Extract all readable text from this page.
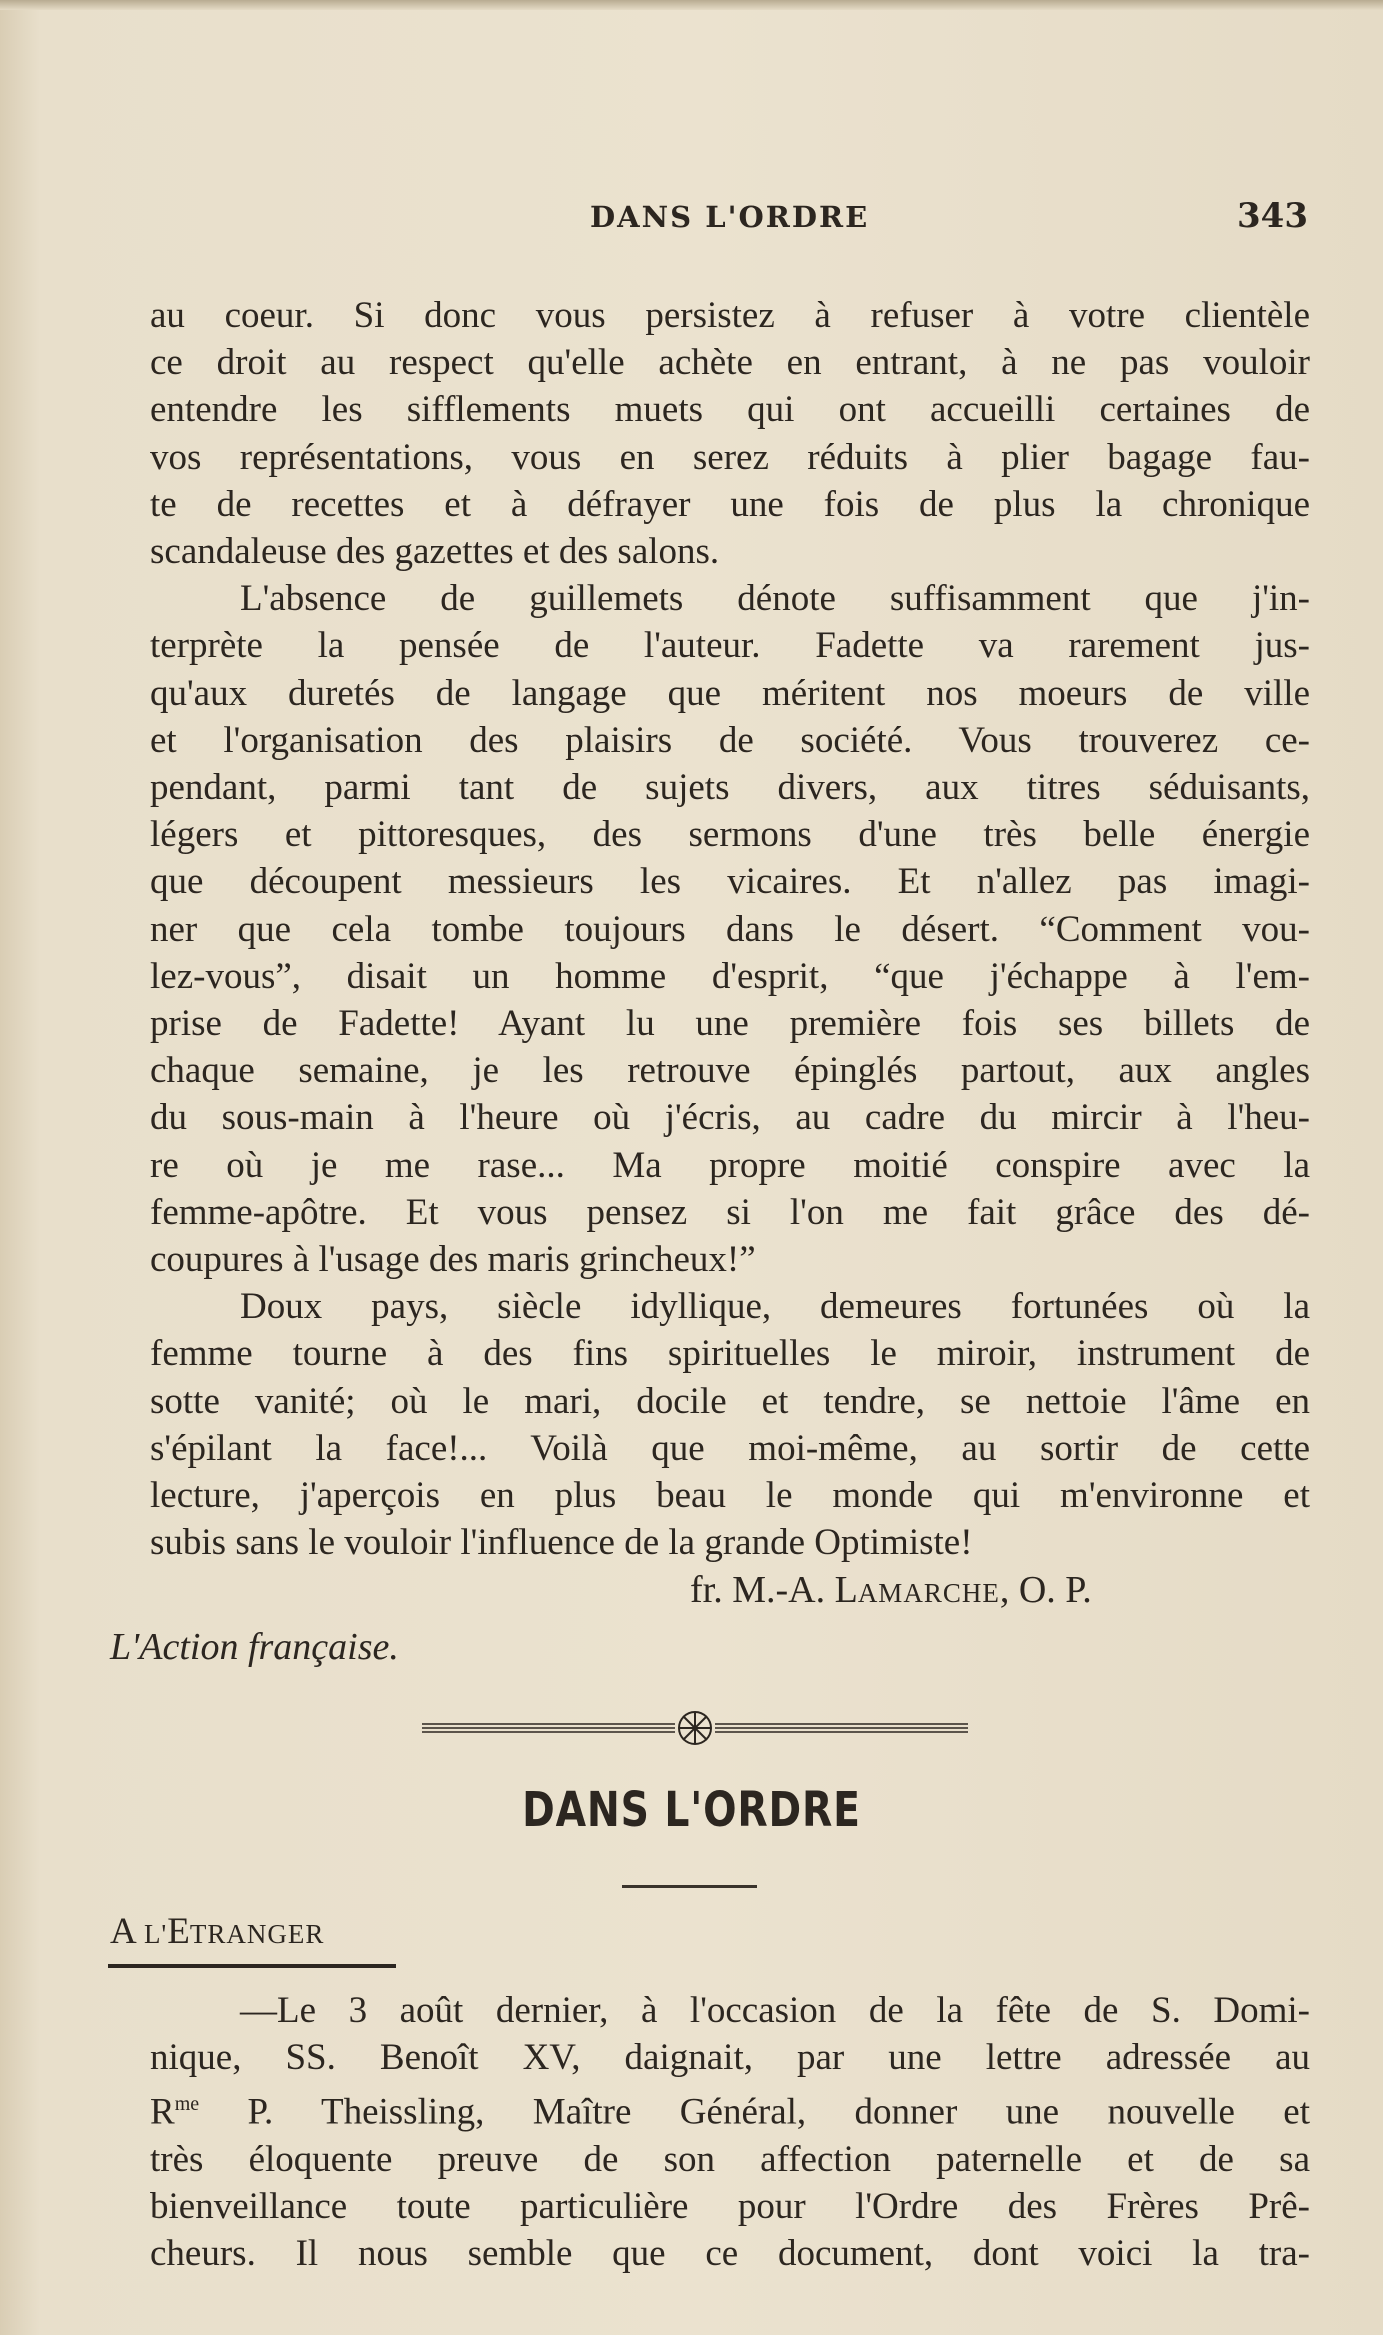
DANS L'ORDRE	343
au coeur. Si donc vous persistez à refuser à votre clientèle
ce droit au respect qu'elle achète en entrant, à ne pas vouloir
entendre les sifflements muets qui ont accueilli certaines de
vos représentations, vous en serez réduits à plier bagage fau-
te de recettes et à défrayer une fois de plus la chronique
scandaleuse des gazettes et des salons.
L'absence de guillemets dénote suffisamment que j'in-
terprète la pensée de l'auteur. Fadette va rarement jus-
qu'aux duretés de langage que méritent nos moeurs de ville
et l'organisation des plaisirs de société. Vous trouverez ce-
pendant, parmi tant de sujets divers, aux titres séduisants,
légers et pittoresques, des sermons d'une très belle énergie
que découpent messieurs les vicaires. Et n'allez pas imagi-
ner que cela tombe toujours dans le désert. “Comment vou-
lez-vous”, disait un homme d'esprit, “que j'échappe à l'em-
prise de Fadette! Ayant lu une première fois ses billets de
chaque semaine, je les retrouve épinglés partout, aux angles
du sous-main à l'heure où j'écris, au cadre du mircir à l'heu-
re où je me rase... Ma propre moitié conspire avec la
femme-apôtre. Et vous pensez si l'on me fait grâce des dé-
coupures à l'usage des maris grincheux!”
Doux pays, siècle idyllique, demeures fortunées où la
femme tourne à des fins spirituelles le miroir, instrument de
sotte vanité; où le mari, docile et tendre, se nettoie l'âme en
s'épilant la face!... Voilà que moi-même, au sortir de cette
lecture, j'aperçois en plus beau le monde qui m'environne et
subis sans le vouloir l'influence de la grande Optimiste!
fr. M.-A. LAMARCHE, O. P.
L'Action française.
DANS L'ORDRE
A L'ETRANGER
—Le 3 août dernier, à l'occasion de la fête de S. Domi-
nique, SS. Benoît XV, daignait, par une lettre adressée au
$R^{me}$ P. Theissling, Maître Général, donner une nouvelle et
très éloquente preuve de son affection paternelle et de sa
bienveillance toute particulière pour l'Ordre des Frères Prê-
cheurs. Il nous semble que ce document, dont voici la tra-
